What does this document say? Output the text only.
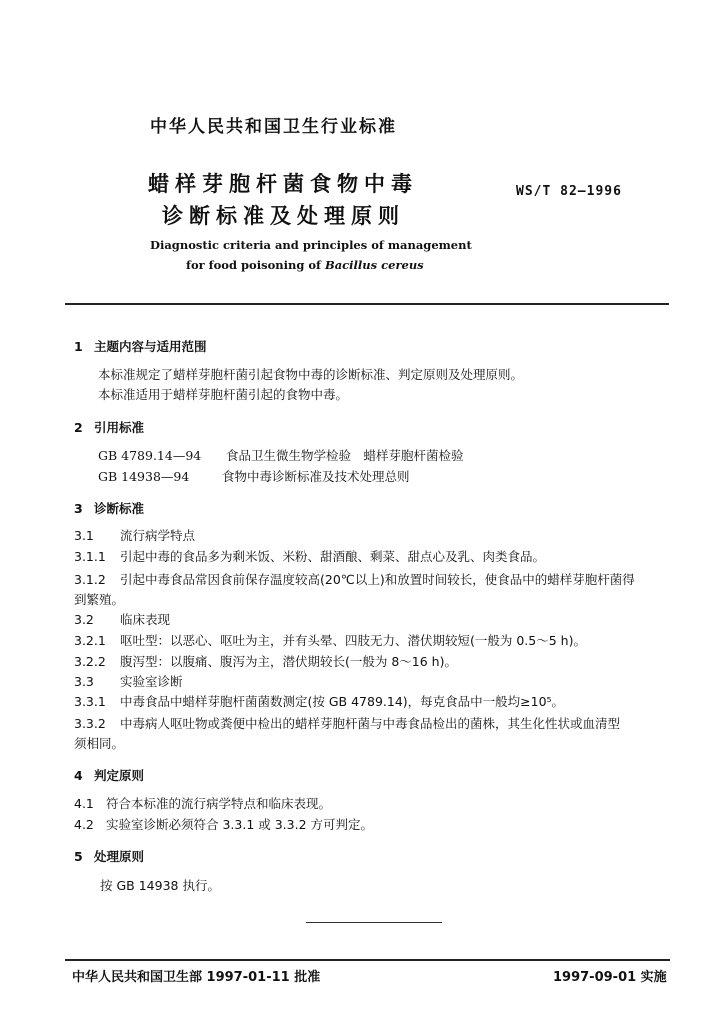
中华人民共和国卫生行业标准
蜡样芽胞杆菌食物中毒
诊断标准及处理原则
WS/T 82—1996
Diagnostic criteria and principles of management
for food poisoning of Bacillus cereus
1 主题内容与适用范围
本标准规定了蜡样芽胞杆菌引起食物中毒的诊断标准、判定原则及处理原则。
本标准适用于蜡样芽胞杆菌引起的食物中毒。
2 引用标准
GB 4789.14—94 食品卫生微生物学检验　蜡样芽胞杆菌检验
GB 14938—94	食物中毒诊断标准及技术处理总则
3 诊断标准
3.1 流行病学特点
3.1.1 引起中毒的食品多为剩米饭、米粉、甜酒酿、剩菜、甜点心及乳、肉类食品。
3.1.2 引起中毒食品常因食前保存温度较高(20℃以上)和放置时间较长，使食品中的蜡样芽胞杆菌得
到繁殖。
3.2 临床表现
3.2.1 呕吐型：以恶心、呕吐为主，并有头晕、四肢无力、潜伏期较短(一般为 0.5～5 h)。
3.2.2 腹泻型：以腹痛、腹泻为主，潜伏期较长(一般为 8～16 h)。
3.3 实验室诊断
3.3.1 中毒食品中蜡样芽胞杆菌菌数测定(按 GB 4789.14)，每克食品中一般均≥10⁵。
3.3.2 中毒病人呕吐物或粪便中检出的蜡样芽胞杆菌与中毒食品检出的菌株，其生化性状或血清型
须相同。
4 判定原则
4.1 符合本标准的流行病学特点和临床表现。
4.2 实验室诊断必须符合 3.3.1 或 3.3.2 方可判定。
5 处理原则
按 GB 14938 执行。
中华人民共和国卫生部 1997-01-11 批准	1997-09-01 实施
